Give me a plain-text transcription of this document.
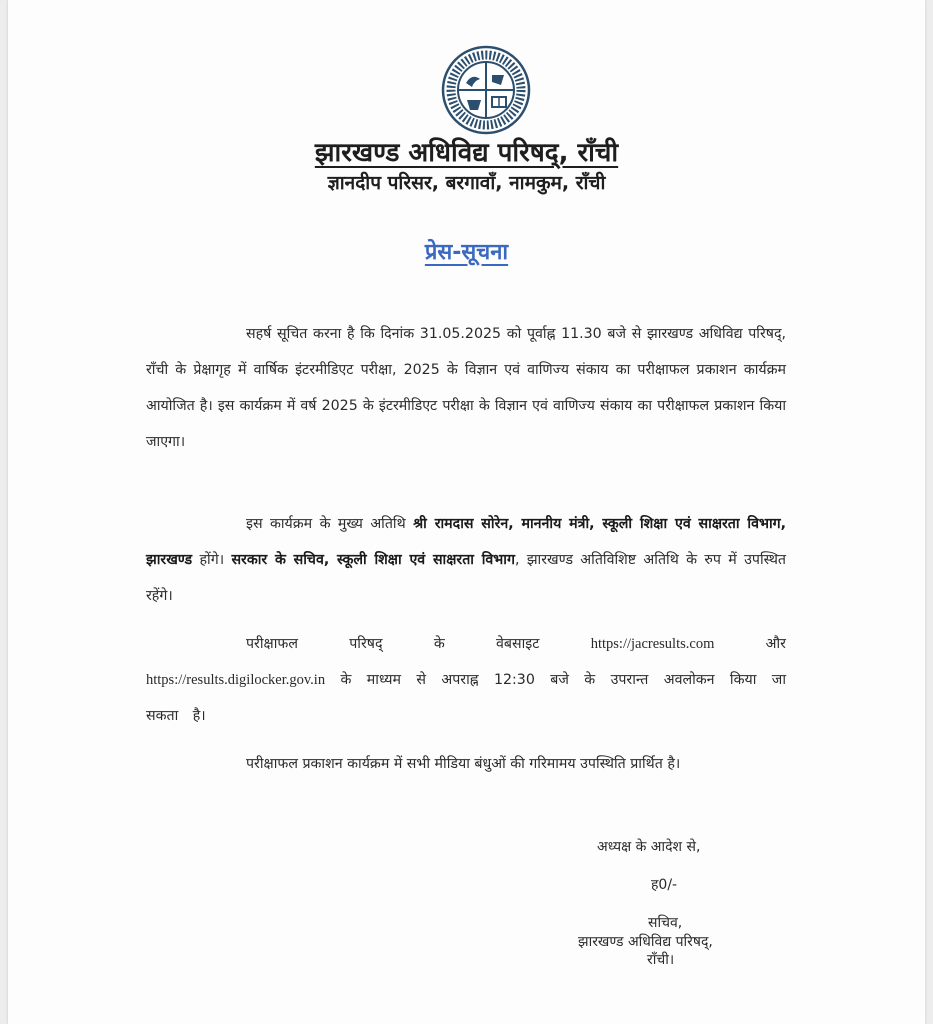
झारखण्ड अधिविद्य परिषद्, राँची
ज्ञानदीप परिसर, बरगावाँ, नामकुम, राँची
प्रेस-सूचना

सहर्ष सूचित करना है कि दिनांक 31.05.2025 को पूर्वाह्न 11.30 बजे से झारखण्ड अधिविद्य परिषद्, राँची के प्रेक्षागृह में वार्षिक इंटरमीडिएट परीक्षा, 2025 के विज्ञान एवं वाणिज्य संकाय का परीक्षाफल प्रकाशन कार्यक्रम आयोजित है। इस कार्यक्रम में वर्ष 2025 के इंटरमीडिएट परीक्षा के विज्ञान एवं वाणिज्य संकाय का परीक्षाफल प्रकाशन किया जाएगा।

इस कार्यक्रम के मुख्य अतिथि श्री रामदास सोरेन, माननीय मंत्री, स्कूली शिक्षा एवं साक्षरता विभाग, झारखण्ड होंगे। सरकार के सचिव, स्कूली शिक्षा एवं साक्षरता विभाग, झारखण्ड अतिविशिष्ट अतिथि के रुप में उपस्थित रहेंगे।

परीक्षाफल परिषद् के वेबसाइट	https://jacresults.com	और https://results.digilocker.gov.in के माध्यम से अपराह्न 12:30 बजे के उपरान्त अवलोकन किया जा सकता है।

परीक्षाफल प्रकाशन कार्यक्रम में सभी मीडिया बंधुओं की गरिमामय उपस्थिति प्रार्थित है।

अध्यक्ष के आदेश से,
ह0/-
सचिव,
झारखण्ड अधिविद्य परिषद्,
राँची।
